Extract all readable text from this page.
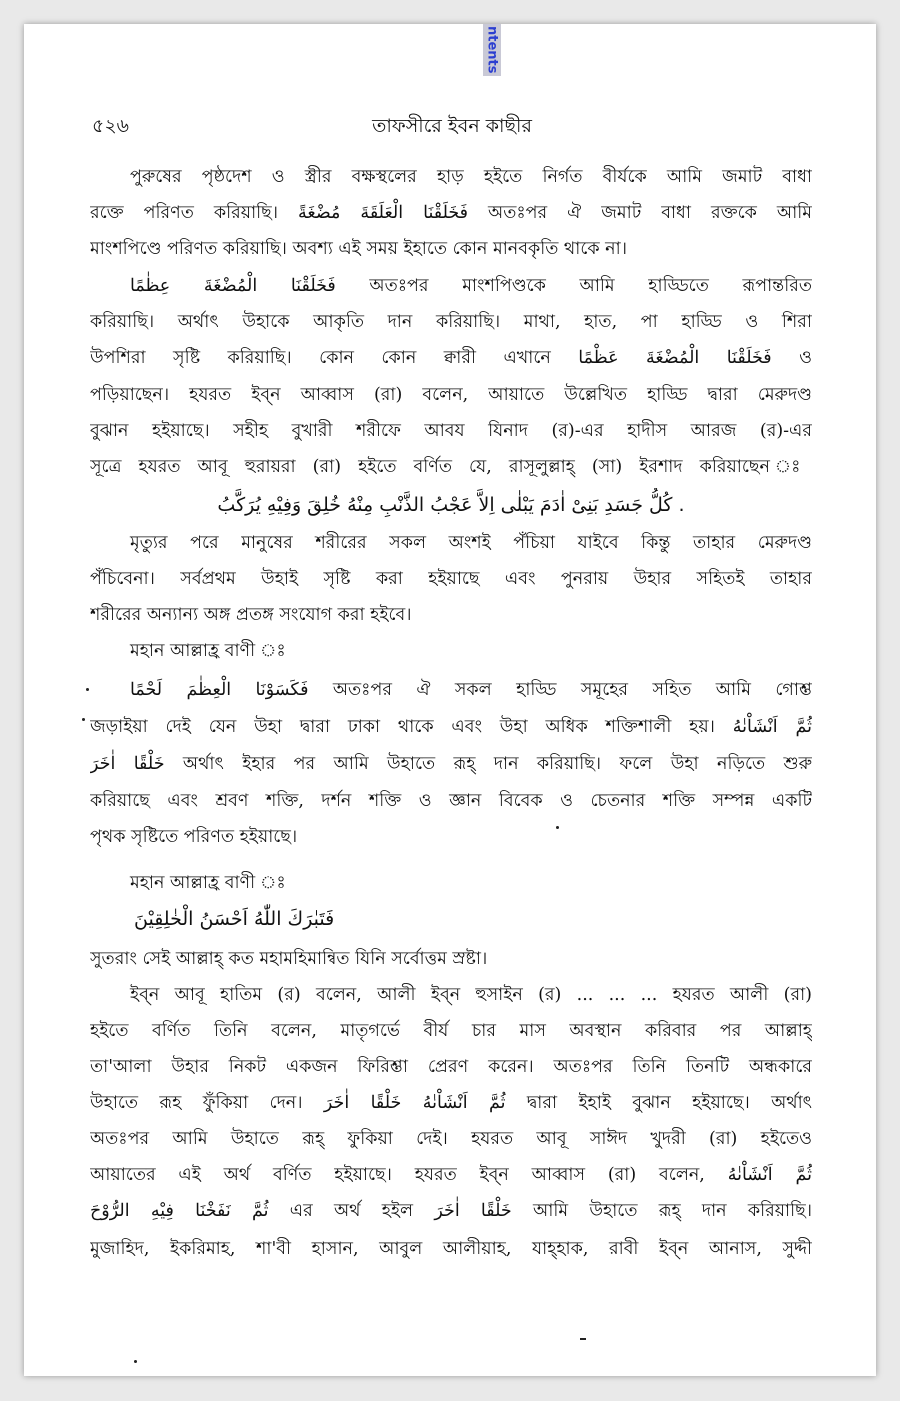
ntents
৫২৬	তাফসীরে ইবন কাছীর
পুরুষের পৃষ্ঠদেশ ও স্ত্রীর বক্ষস্থলের হাড় হইতে নির্গত বীর্যকে আমি জমাট বাধা
রক্তে পরিণত করিয়াছি। فَخَلَقْنَا الْعَلَقَةَ مُضْغَةً অতঃপর ঐ জমাট বাধা রক্তকে আমি
মাংশপিণ্ডে পরিণত করিয়াছি। অবশ্য এই সময় ইহাতে কোন মানবকৃতি থাকে না।
فَخَلَقْنَا الْمُضْغَةَ عِظٰمًا অতঃপর মাংশপিণ্ডকে আমি হাড্ডিতে রূপান্তরিত
করিয়াছি। অর্থাৎ উহাকে আকৃতি দান করিয়াছি। মাথা, হাত, পা হাড্ডি ও শিরা
উপশিরা সৃষ্টি করিয়াছি। কোন কোন ক্বারী এখানে فَخَلَقْنَا الْمُضْغَةَ عَظْمًا ও
পড়িয়াছেন। হযরত ইব্ন আব্বাস (রা) বলেন, আয়াতে উল্লেখিত হাড্ডি দ্বারা মেরুদণ্ড
বুঝান হইয়াছে। সহীহ বুখারী শরীফে আবয যিনাদ (র)-এর হাদীস আরজ (র)-এর
সূত্রে হযরত আবূ হুরায়রা (রা) হইতে বর্ণিত যে, রাসূলুল্লাহ্ (সা) ইরশাদ করিয়াছেন ঃ
كُلُّ جَسَدِ بَنِىْ اٰدَمَ يَبْلٰى اِلاَّ عَجْبُ الذَّنْبِ مِنْهُ خُلِقَ وَفِيْهِ يُرَكَّبُ .
মৃত্যুর পরে মানুষের শরীরের সকল অংশই পঁচিয়া যাইবে কিন্তু তাহার মেরুদণ্ড
পঁচিবেনা। সর্বপ্রথম উহাই সৃষ্টি করা হইয়াছে এবং পুনরায় উহার সহিতই তাহার
শরীরের অন্যান্য অঙ্গ প্রতঙ্গ সংযোগ করা হইবে।
মহান আল্লাহ্র বাণী ঃ
فَكَسَوْنَا الْعِظٰمَ لَحْمًا অতঃপর ঐ সকল হাড্ডি সমূহের সহিত আমি গোশ্ত
জড়াইয়া দেই যেন উহা দ্বারা ঢাকা থাকে এবং উহা অধিক শক্তিশালী হয়। ثُمَّ اَنْشَاْنٰهُ
خَلْقًا اٰخَرَ অর্থাৎ ইহার পর আমি উহাতে রূহ্ দান করিয়াছি। ফলে উহা নড়িতে শুরু
করিয়াছে এবং শ্রবণ শক্তি, দর্শন শক্তি ও জ্ঞান বিবেক ও চেতনার শক্তি সম্পন্ন একটি
পৃথক সৃষ্টিতে পরিণত হইয়াছে।
মহান আল্লাহ্র বাণী ঃ
فَتَبٰرَكَ اللّٰهُ اَحْسَنُ الْخٰلِقِيْنَ
সুতরাং সেই আল্লাহ্ কত মহামহিমান্বিত যিনি সর্বোত্তম স্রষ্টা।
ইব্ন আবূ হাতিম (র) বলেন, আলী ইব্ন হুসাইন (র) ... ... ... হযরত আলী (রা)
হইতে বর্ণিত তিনি বলেন, মাতৃগর্ভে বীর্য চার মাস অবস্থান করিবার পর আল্লাহ্
তা'আলা উহার নিকট একজন ফিরিশ্তা প্রেরণ করেন। অতঃপর তিনি তিনটি অন্ধকারে
উহাতে রূহ ফুঁকিয়া দেন। ثُمَّ اَنْشَاْنٰهُ خَلْقًا اٰخَرَ দ্বারা ইহাই বুঝান হইয়াছে। অর্থাৎ
অতঃপর আমি উহাতে রূহ্ ফুকিয়া দেই। হযরত আবূ সাঈদ খুদরী (রা) হইতেও
আয়াতের এই অর্থ বর্ণিত হইয়াছে। হযরত ইব্ন আব্বাস (রা) বলেন, ثُمَّ اَنْشَاْنٰهُ
ثُمَّ نَفَخْنَا فِيْهِ الرُّوْحَ এর অর্থ হইল خَلْقًا اٰخَرَ আমি উহাতে রূহ্ দান করিয়াছি।
মুজাহিদ, ইকরিমাহ, শা'বী হাসান, আবুল আলীয়াহ, যাহ্হাক, রাবী ইব্ন আনাস, সুদ্দী
